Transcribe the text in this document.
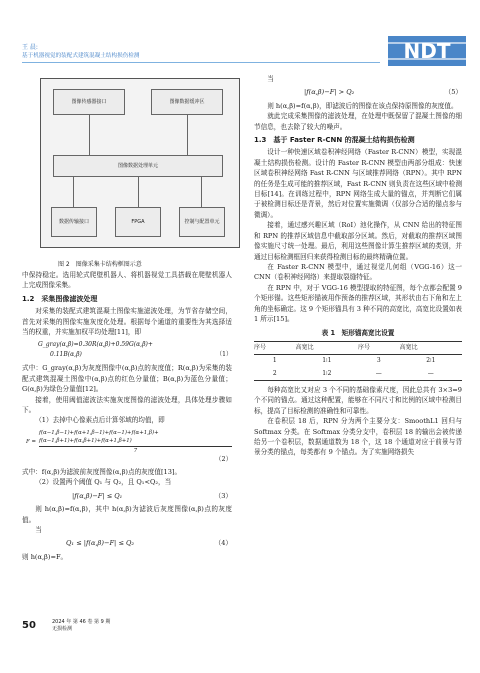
王 晨:
基于机器视觉的装配式建筑混凝土结构损伤检测	NDT
图像传感器接口	图像数据缓冲区
图像数据处理单元
数据传输接口	FPGA	控制与配置单元
图 2　图像采集卡结构框图示意

中保持稳定。选用轮式爬壁机器人、将机器视觉工具搭载在爬壁机器人上完成图像采集。

1.2　采集图像滤波处理

对采集的装配式建筑混凝土图像实施滤波处理，为节省存储空间，首先对采集的图像实施灰度化处理。根据每个通道的重要性为其选择适当的权重，并实施加权平均处理[11]，即

G_gray(α,β)=0.30R(α,β)+0.59G(α,β)+
0.11B(α,β)	（1）

式中：G_gray(α,β)为灰度图像中(α,β)点的灰度值；R(α,β)为采集的装配式建筑混凝土图像中(α,β)点的红色分量值；B(α,β)为蓝色分量值；G(α,β)为绿色分量值[12]。

接着，使用阈值滤波法实施灰度图像的滤波处理，具体处理步骤如下。

（1）去掉中心像素点后计算邻域的均值，即

F =
f(α−1,β−1)+f(α+1,β−1)+f(α−1)+f(α+1,β)+
f(α−1,β+1)+f(α,β+1)+f(α+1,β+1)
7
（2）

式中：f(α,β)为滤波前灰度图像(α,β)点的灰度值[13]。

（2）设置两个阈值 Q₁ 与 Q₂，且 Q₁<Q₂，当

|f(α,β)−F| ≤ Q₁	（3）

则 h(α,β)=f(α,β)，其中 h(α,β)为滤波后灰度图像(α,β)点的灰度值。

当

Q₁ ≤ |f(α,β)−F| ≤ Q₂	（4）

则 h(α,β)=F。

当

|f(α,β)−F| > Q₂	（5）

则 h(α,β)=f(α,β)，即滤波后的图像在该点保持原图像的灰度值。

就此完成采集图像的滤波处理，在处理中既保留了混凝土图像的细节信息，也去除了较大的噪声。

1.3　基于 Faster R-CNN 的混凝土结构损伤检测

设计一种快速区域卷积神经网络（Faster R-CNN）模型，实现混凝土结构损伤检测。设计的 Faster R-CNN 模型由两部分组成：快速区域卷积神经网络 Fast R-CNN 与区域推荐网络（RPN）。其中 RPN 的任务是生成可能的推荐区域，Fast R-CNN 则负责在这些区域中检测目标[14]。在训练过程中，RPN 网络生成大量的锚点，并判断它们属于被检测目标还是背景，然后对位置实施微调（仅部分合适的锚点参与微调）。

接着，通过感兴趣区域（RoI）池化操作，从 CNN 给出的特征图和 RPN 的推荐区域信息中截取部分区域。然后，对截取的推荐区域图像实施尺寸统一处理。最后，利用这些图像计算生推荐区域的类别，并通过目标检测框回归来获得检测目标的最终精确位置。

在 Faster R-CNN 模型中，通过视觉几何组（VGG-16）这一 CNN（卷积神经网络）来提取裂缝特征。

在 RPN 中，对于 VGG-16 模型提取的特征图，每个点都会配置 9 个矩形锚。这些矩形锚被用作预备的推荐区域，其形状由右下角和左上角的坐标确定。这 9 个矩形锚具有 3 种不同的高宽比，高宽比设置如表 1 所示[15]。

表 1　矩形锚高宽比设置
序号	高宽比	序号	高宽比
1	1∶1	3	2∶1
2	1∶2	—	—

每种高宽比又对应 3 个不同的基础像素尺度，因此总共有 3×3=9 个不同的锚点。通过这种配置，能够在不同尺寸和比例的区域中检测目标，提高了目标检测的准确性和可靠性。

在卷积层 18 后，RPN 分为两个主要分支：SmoothL1 回归与 Softmax 分类。在 Softmax 分类分支中，卷积层 18 的输出会被传递给另一个卷积层，数据通道数为 18 个，这 18 个通道对应于前景与背景分类的锚点，每类都有 9 个锚点。为了实施网络损失

50	2024 年 第 46 卷 第 9 期
无损检测
